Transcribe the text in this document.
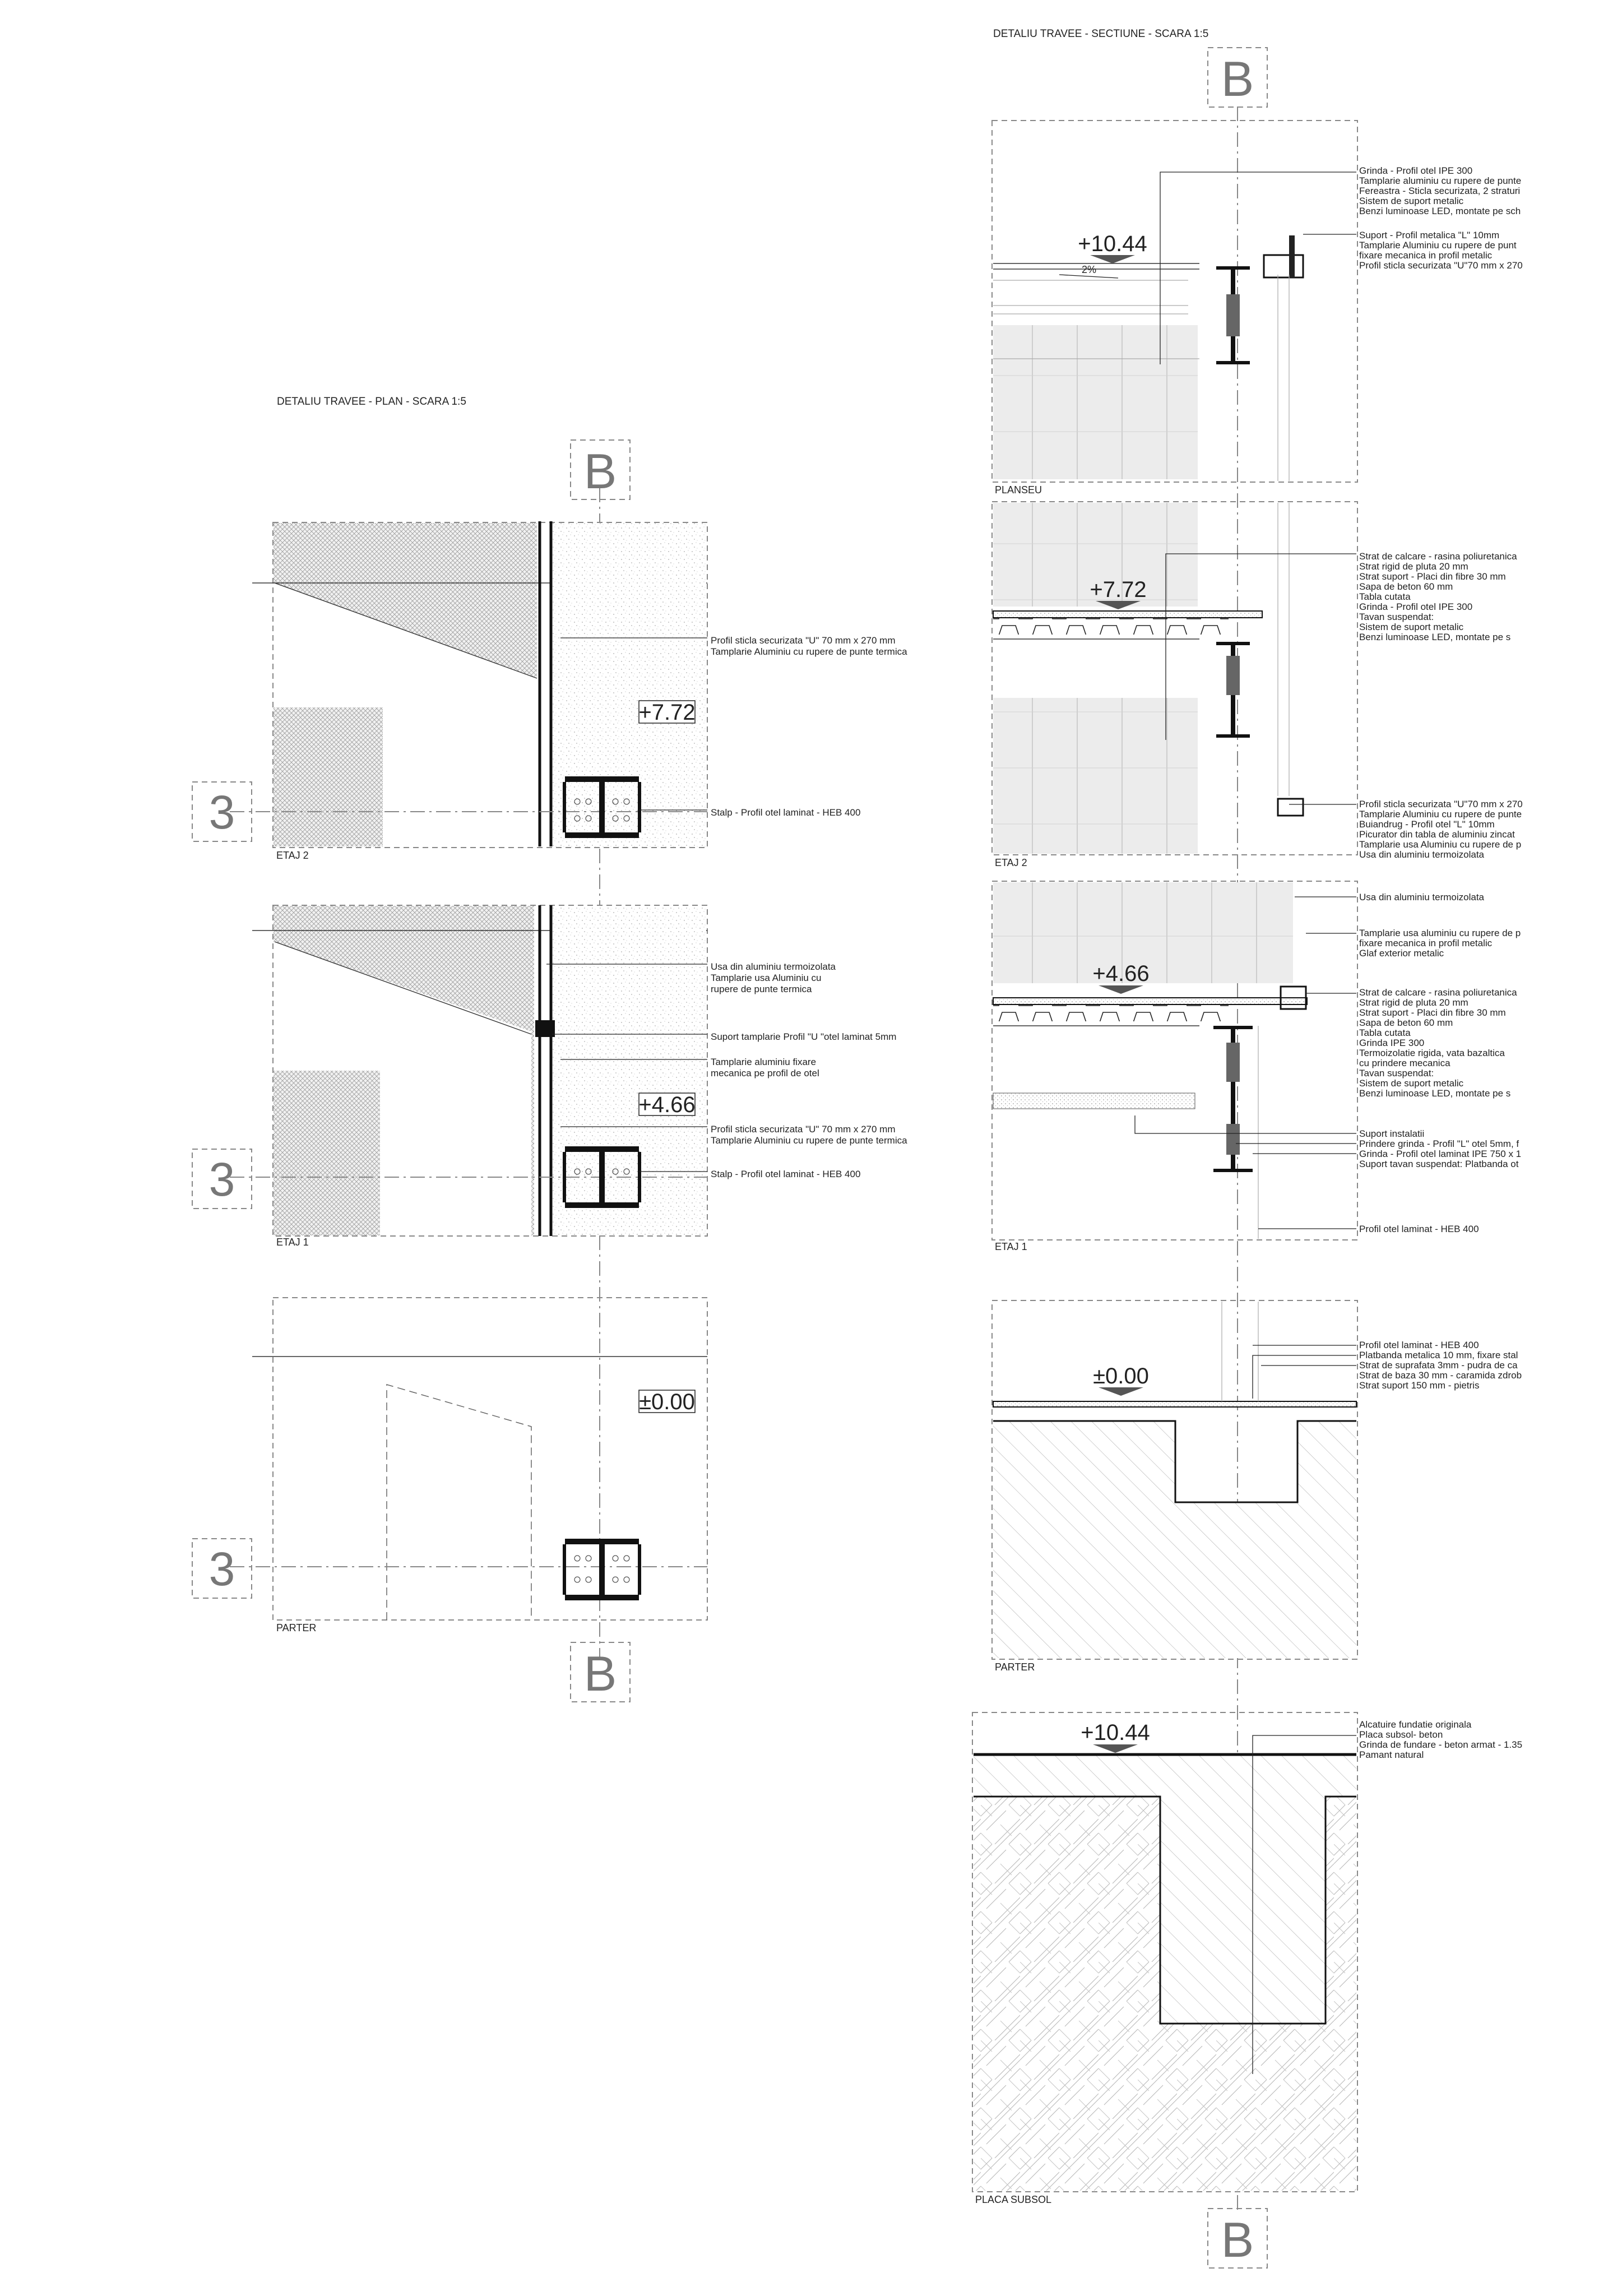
DETALIU TRAVEE - PLAN - SCARA 1:5
B
B
3
+7.72
ETAJ 2
Profil sticla securizata "U" 70 mm x 270 mm
Tamplarie Aluminiu cu rupere de punte termica
Stalp - Profil otel laminat - HEB 400
3
+4.66
ETAJ 1
Usa din aluminiu termoizolata
Tamplarie usa Aluminiu cu
rupere de punte termica
Suport tamplarie Profil "U "otel laminat 5mm
Tamplarie aluminiu fixare
mecanica pe profil de otel
Profil sticla securizata "U" 70 mm x 270 mm
Tamplarie Aluminiu cu rupere de punte termica
Stalp - Profil otel laminat - HEB 400
3
±0.00
PARTER
DETALIU TRAVEE - SECTIUNE - SCARA 1:5
B
B
+10.44
2%
PLANSEU
Grinda - Profil otel IPE 300
Tamplarie aluminiu cu rupere de punte
Fereastra - Sticla securizata, 2 straturi
Sistem de suport metalic
Benzi luminoase LED, montate pe sch
Suport - Profil metalica "L" 10mm
Tamplarie Aluminiu cu rupere de punt
fixare mecanica in profil metalic
Profil sticla securizata "U"70 mm x 270
+7.72
ETAJ 2
Strat de calcare - rasina poliuretanica
Strat rigid de pluta 20 mm
Strat suport - Placi din fibre 30 mm
Sapa de beton 60 mm
Tabla cutata
Grinda - Profil otel IPE 300
Tavan suspendat:
Sistem de suport metalic
Benzi luminoase LED, montate pe s
Profil sticla securizata "U"70 mm x 270
Tamplarie Aluminiu cu rupere de punte
Buiandrug - Profil otel "L" 10mm
Picurator din tabla de aluminiu zincat
Tamplarie usa Aluminiu cu rupere de p
Usa din aluminiu termoizolata
+4.66
ETAJ 1
Usa din aluminiu termoizolata
Tamplarie usa aluminiu cu rupere de p
fixare mecanica in profil metalic
Glaf exterior metalic
Strat de calcare - rasina poliuretanica
Strat rigid de pluta 20 mm
Strat suport - Placi din fibre 30 mm
Sapa de beton 60 mm
Tabla cutata
Grinda IPE 300
Termoizolatie rigida, vata bazaltica
cu prindere mecanica
Tavan suspendat:
Sistem de suport metalic
Benzi luminoase LED, montate pe s
Suport instalatii
Prindere grinda - Profil "L" otel 5mm, f
Grinda - Profil otel laminat IPE 750 x 1
Suport tavan suspendat: Platbanda ot
Profil otel laminat - HEB 400
±0.00
PARTER
Profil otel laminat - HEB 400
Platbanda metalica 10 mm, fixare stal
Strat de suprafata 3mm - pudra de ca
Strat de baza 30 mm - caramida zdrob
Strat suport 150 mm - pietris
+10.44
PLACA SUBSOL
Alcatuire fundatie originala
Placa subsol- beton
Grinda de fundare - beton armat - 1.35
Pamant natural
